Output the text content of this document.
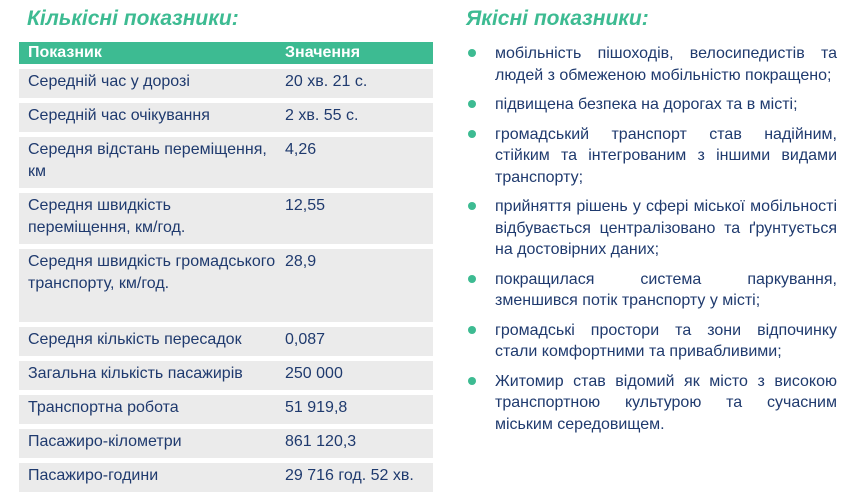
Кількісні показники:	Якісні показники:
Показник	Значення
Середній час у дорозі	20 хв. 21 с.
Середній час очікування	2 хв. 55 с.
Середня відстань переміщення, км	4,26
Середня швидкість переміщення, км/год.	12,55
Середня швидкість громадського транспорту, км/год.	28,9
Середня кількість пересадок	0,087
Загальна кількість пасажирів	250 000
Транспортна робота	51 919,8
Пасажиро-кілометри	861 120,3
Пасажиро-години	29 716 год. 52 хв.
мобільність пішоходів, велосипедистів та людей з обмеженою мобільністю покращено;
підвищена безпека на дорогах та в місті;
громадський транспорт став надійним, стійким та інтегрованим з іншими видами транспорту;
прийняття рішень у сфері міської мобільності відбувається централізовано та ґрунтується на достовірних даних;
покращилася система паркування, зменшився потік транспорту у місті;
громадські простори та зони відпочинку стали комфортними та привабливими;
Житомир став відомий як місто з високою транспортною культурою та сучасним міським середовищем.
